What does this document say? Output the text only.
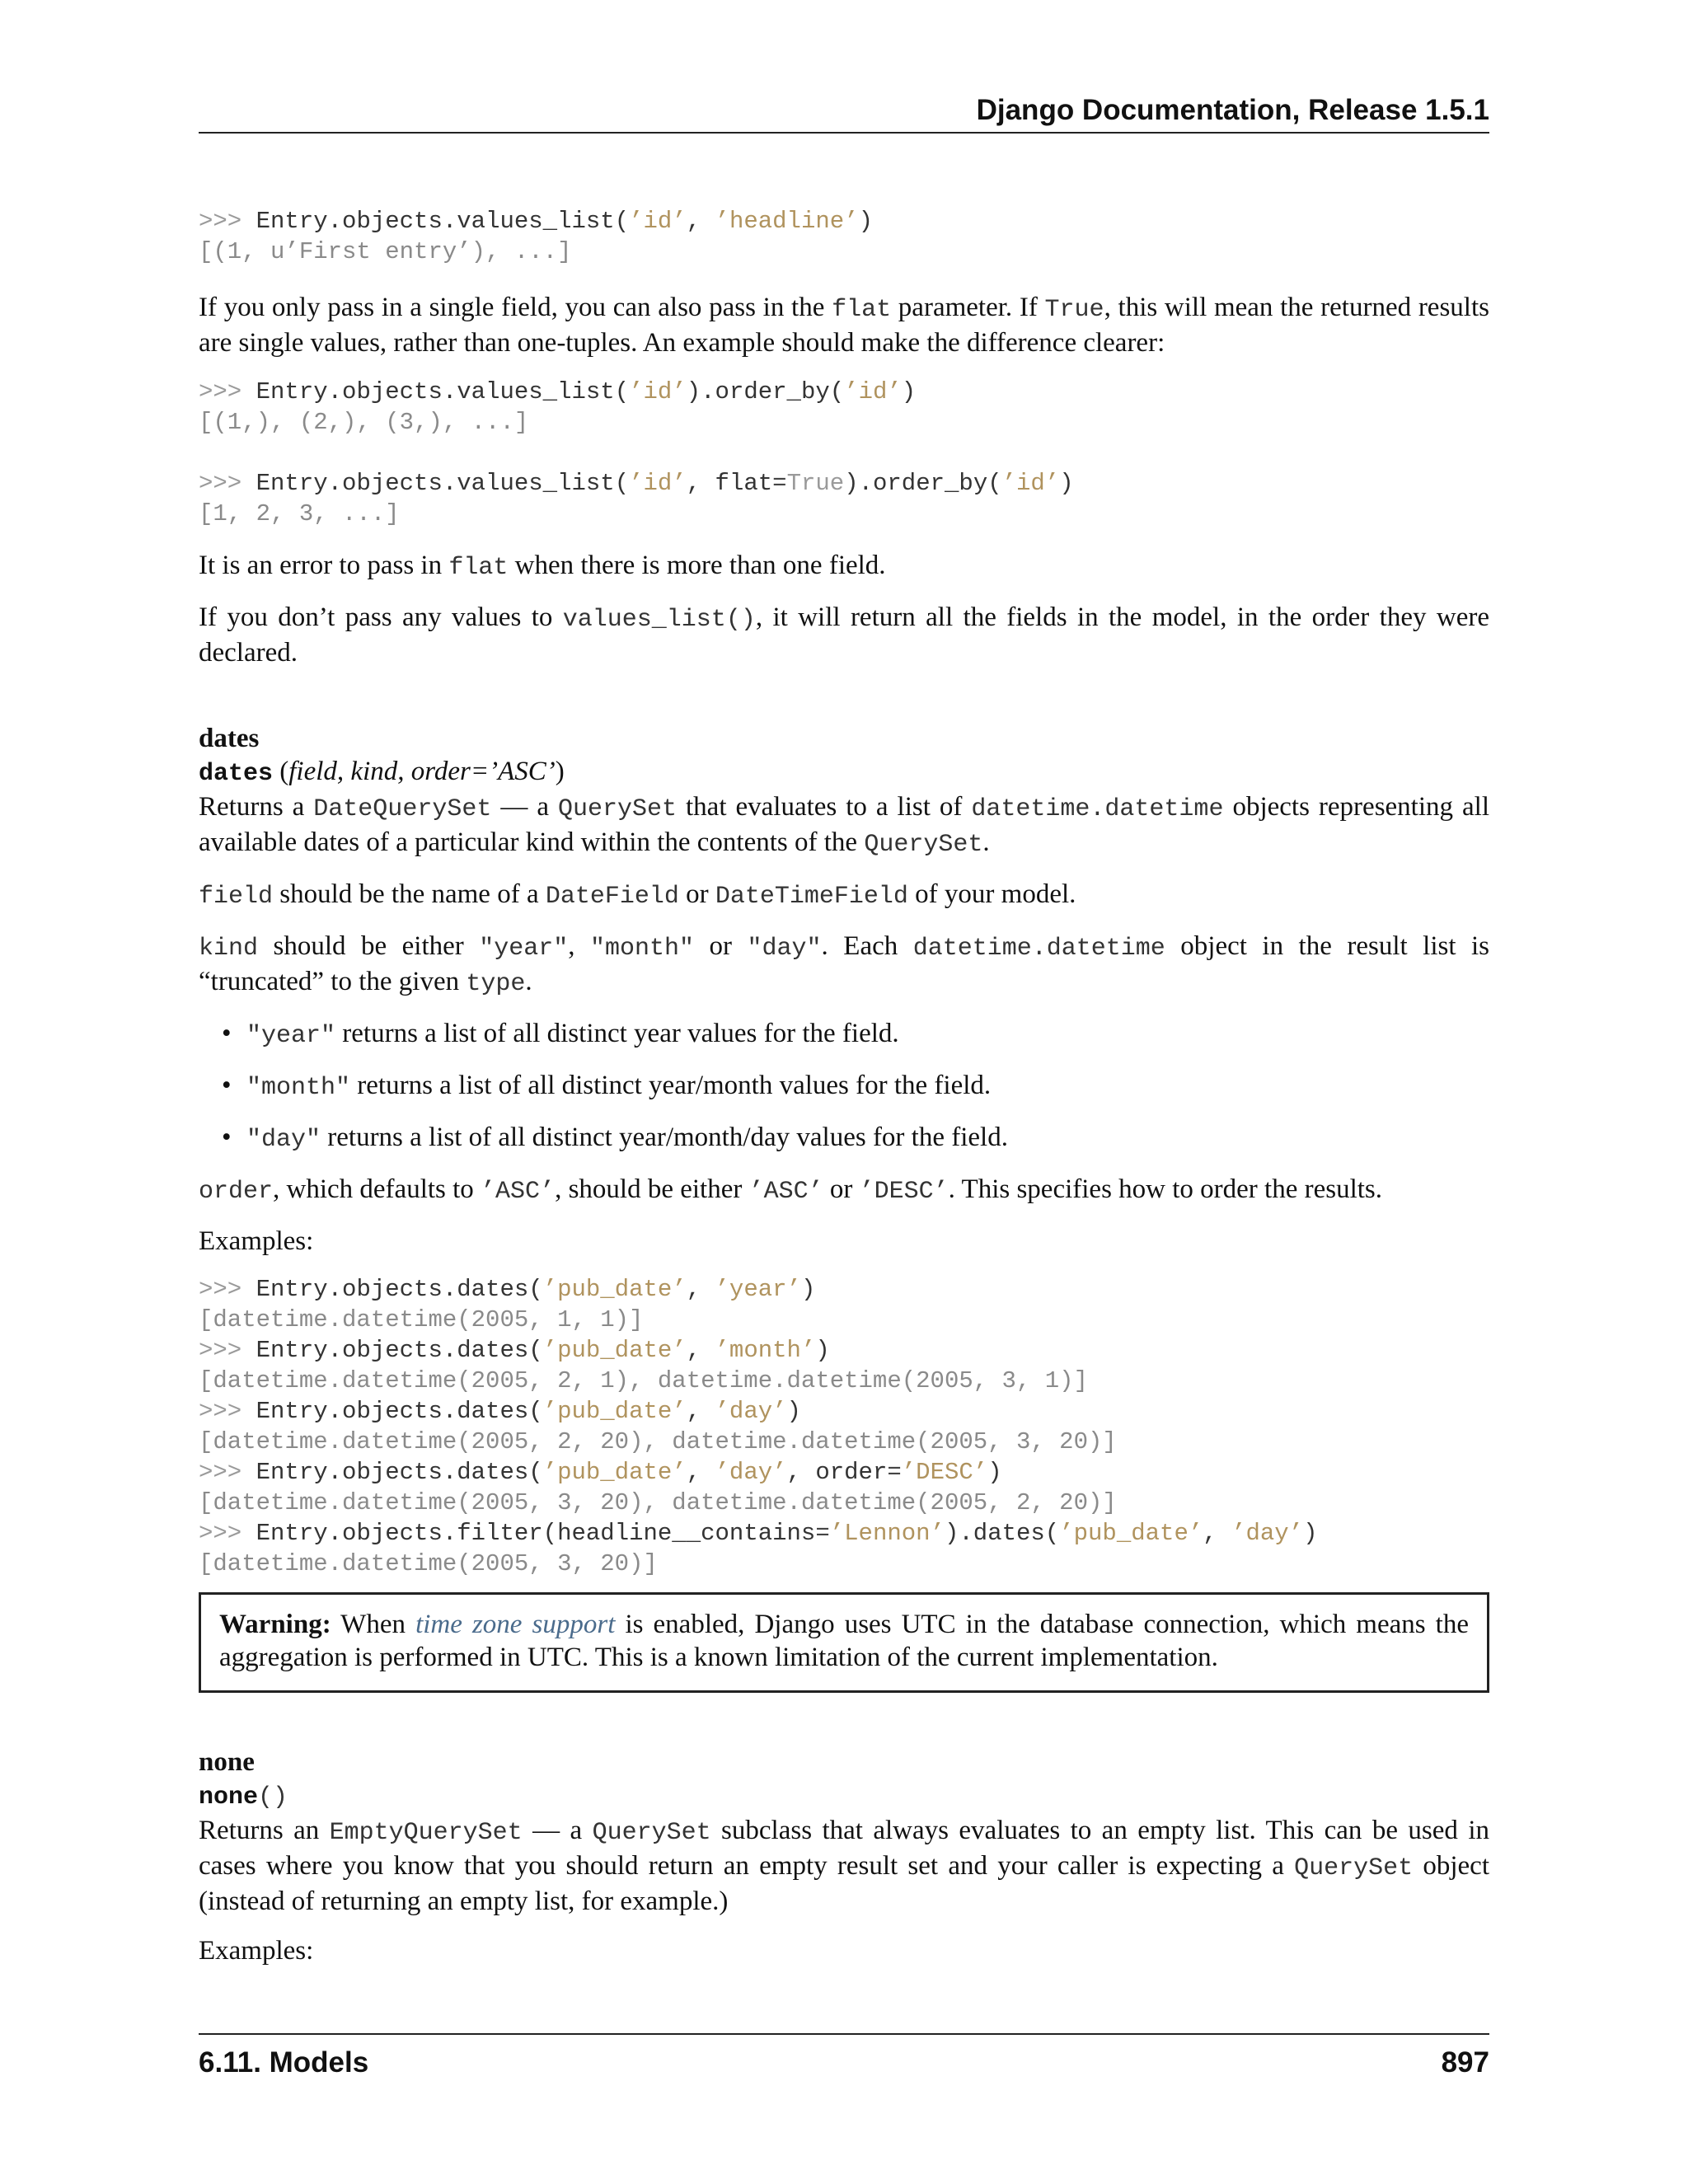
Django Documentation, Release 1.5.1
>>> Entry.objects.values_list(’id’, ’headline’)
[(1, u’First entry’), ...]

If you only pass in a single field, you can also pass in the flat parameter. If True, this will mean the returned results are single values, rather than one-tuples. An example should make the difference clearer:

>>> Entry.objects.values_list(’id’).order_by(’id’)
[(1,), (2,), (3,), ...]

>>> Entry.objects.values_list(’id’, flat=True).order_by(’id’)
[1, 2, 3, ...]

It is an error to pass in flat when there is more than one field.

If you don’t pass any values to values_list(), it will return all the fields in the model, in the order they were declared.

dates

dates (field, kind, order=’ASC’)

Returns a DateQuerySet — a QuerySet that evaluates to a list of datetime.datetime objects representing all available dates of a particular kind within the contents of the QuerySet.

field should be the name of a DateField or DateTimeField of your model.

kind should be either "year", "month" or "day". Each datetime.datetime object in the result list is “truncated” to the given type.

• "year" returns a list of all distinct year values for the field.
• "month" returns a list of all distinct year/month values for the field.
• "day" returns a list of all distinct year/month/day values for the field.

order, which defaults to ’ASC’, should be either ’ASC’ or ’DESC’. This specifies how to order the results.

Examples:

>>> Entry.objects.dates(’pub_date’, ’year’)
[datetime.datetime(2005, 1, 1)]
>>> Entry.objects.dates(’pub_date’, ’month’)
[datetime.datetime(2005, 2, 1), datetime.datetime(2005, 3, 1)]
>>> Entry.objects.dates(’pub_date’, ’day’)
[datetime.datetime(2005, 2, 20), datetime.datetime(2005, 3, 20)]
>>> Entry.objects.dates(’pub_date’, ’day’, order=’DESC’)
[datetime.datetime(2005, 3, 20), datetime.datetime(2005, 2, 20)]
>>> Entry.objects.filter(headline__contains=’Lennon’).dates(’pub_date’, ’day’)
[datetime.datetime(2005, 3, 20)]

Warning: When time zone support is enabled, Django uses UTC in the database connection, which means the aggregation is performed in UTC. This is a known limitation of the current implementation.

none

none()

Returns an EmptyQuerySet — a QuerySet subclass that always evaluates to an empty list. This can be used in cases where you know that you should return an empty result set and your caller is expecting a QuerySet object (instead of returning an empty list, for example.)

Examples:

6.11. Models	897
